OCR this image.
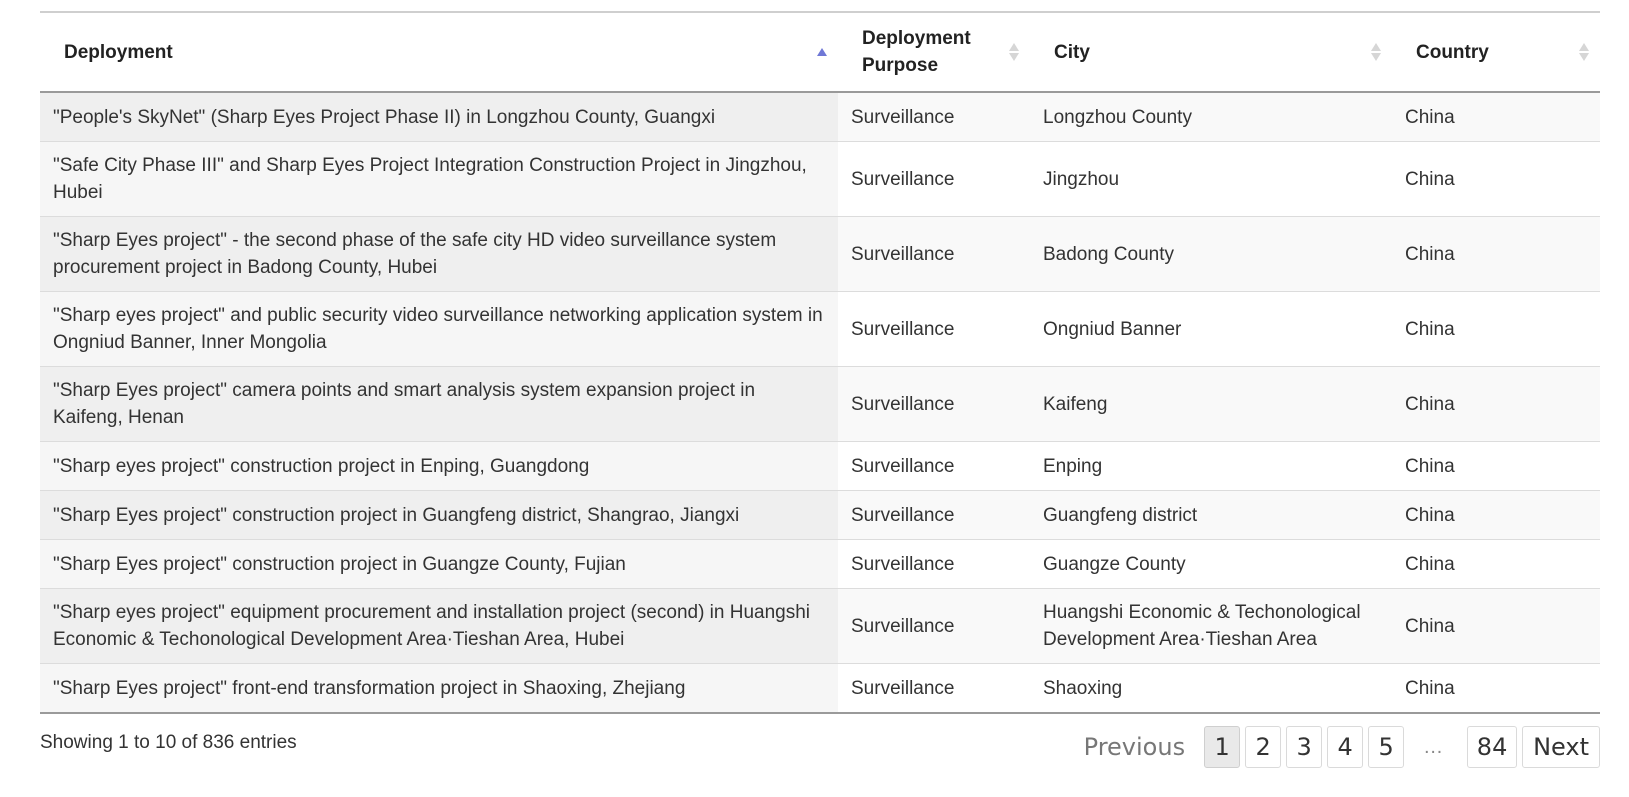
Deployment	Deployment Purpose	City	Country

"People's SkyNet" (Sharp Eyes Project Phase II) in Longzhou County, Guangxi	Surveillance	Longzhou County	China
"Safe City Phase III" and Sharp Eyes Project Integration Construction Project in Jingzhou, Hubei	Surveillance	Jingzhou	China
"Sharp Eyes project" - the second phase of the safe city HD video surveillance system procurement project in Badong County, Hubei	Surveillance	Badong County	China
"Sharp eyes project" and public security video surveillance networking application system in Ongniud Banner, Inner Mongolia	Surveillance	Ongniud Banner	China
"Sharp Eyes project" camera points and smart analysis system expansion project in Kaifeng, Henan	Surveillance	Kaifeng	China
"Sharp eyes project" construction project in Enping, Guangdong	Surveillance	Enping	China
"Sharp Eyes project" construction project in Guangfeng district, Shangrao, Jiangxi	Surveillance	Guangfeng district	China
"Sharp Eyes project" construction project in Guangze County, Fujian	Surveillance	Guangze County	China
"Sharp eyes project" equipment procurement and installation project (second) in Huangshi Economic & Techonological Development Area·Tieshan Area, Hubei	Surveillance	Huangshi Economic & Techonological Development Area·Tieshan Area	China
"Sharp Eyes project" front-end transformation project in Shaoxing, Zhejiang	Surveillance	Shaoxing	China
Showing 1 to 10 of 836 entries	Previous	1	2	3	4	5	…	84	Next
